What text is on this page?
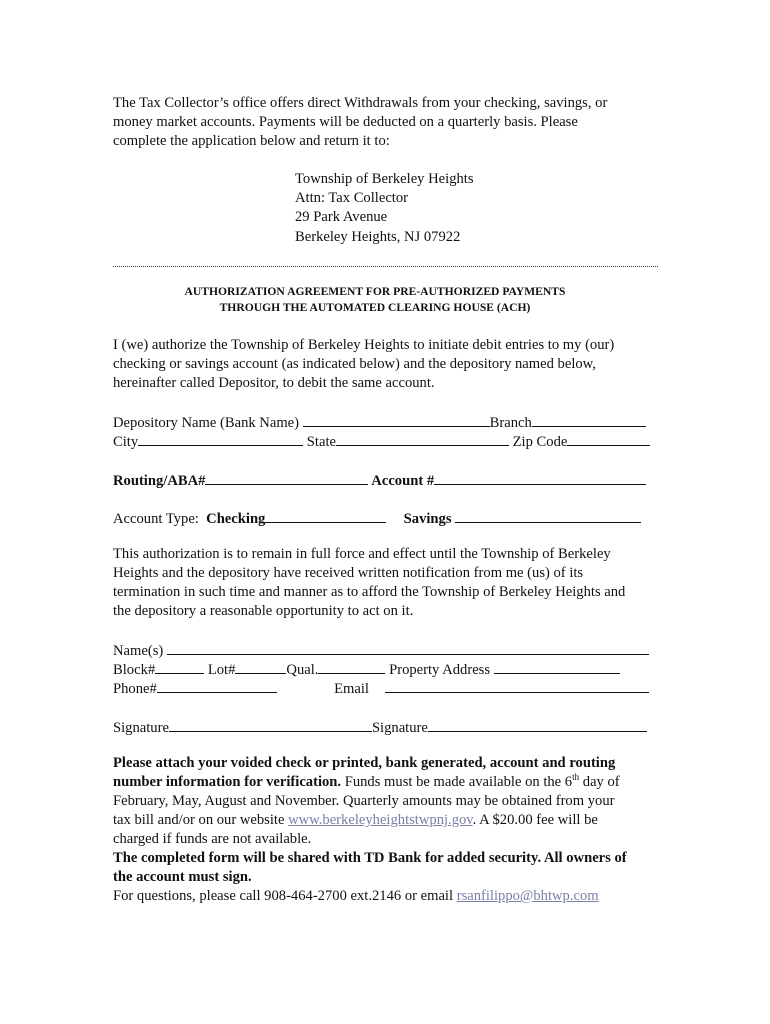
The Tax Collector’s office offers direct Withdrawals from your checking, savings, or
money market accounts. Payments will be deducted on a quarterly basis. Please
complete the application below and return it to:
Township of Berkeley Heights
Attn: Tax Collector
29 Park Avenue
Berkeley Heights, NJ 07922
AUTHORIZATION AGREEMENT FOR PRE-AUTHORIZED PAYMENTS
THROUGH THE AUTOMATED CLEARING HOUSE (ACH)
I (we) authorize the Township of Berkeley Heights to initiate debit entries to my (our)
checking or savings account (as indicated below) and the depository named below,
hereinafter called Depositor, to debit the same account.
Depository Name (Bank Name)	Branch
City	State	Zip Code
Routing/ABA#	Account #
Account Type: Checking	Savings
This authorization is to remain in full force and effect until the Township of Berkeley
Heights and the depository have received written notification from me (us) of its
termination in such time and manner as to afford the Township of Berkeley Heights and
the depository a reasonable opportunity to act on it.
Name(s)
Block#	Lot#	Qual.	Property Address
Phone#	Email
Signature	Signature
Please attach your voided check or printed, bank generated, account and routing
number information for verification. Funds must be made available on the 6th day of
February, May, August and November. Quarterly amounts may be obtained from your
tax bill and/or on our website www.berkeleyheightstwpnj.gov. A $20.00 fee will be
charged if funds are not available.
The completed form will be shared with TD Bank for added security. All owners of
the account must sign.
For questions, please call 908-464-2700 ext.2146 or email rsanfilippo@bhtwp.com
